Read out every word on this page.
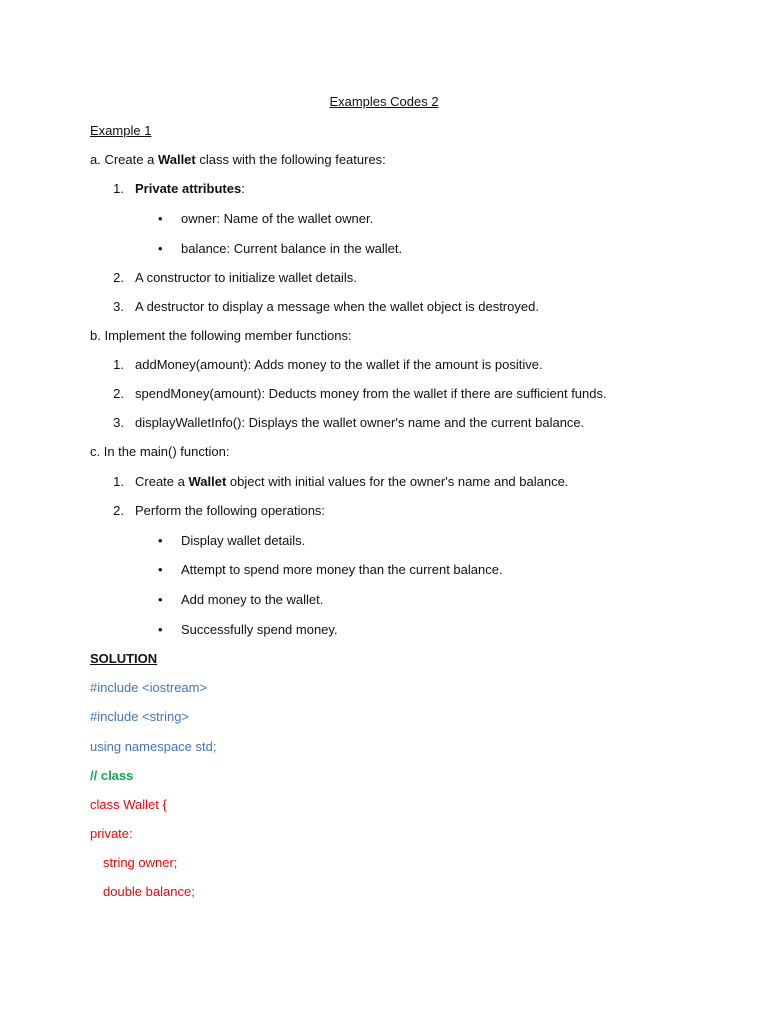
Examples Codes 2
Example 1
a. Create a Wallet class with the following features:
1. Private attributes:
• owner: Name of the wallet owner.
• balance: Current balance in the wallet.
2. A constructor to initialize wallet details.
3. A destructor to display a message when the wallet object is destroyed.
b. Implement the following member functions:
1. addMoney(amount): Adds money to the wallet if the amount is positive.
2. spendMoney(amount): Deducts money from the wallet if there are sufficient funds.
3. displayWalletInfo(): Displays the wallet owner's name and the current balance.
c. In the main() function:
1. Create a Wallet object with initial values for the owner's name and balance.
2. Perform the following operations:
• Display wallet details.
• Attempt to spend more money than the current balance.
• Add money to the wallet.
• Successfully spend money.
SOLUTION
#include <iostream>
#include <string>
using namespace std;
// class
class Wallet {
private:
string owner;
double balance;
